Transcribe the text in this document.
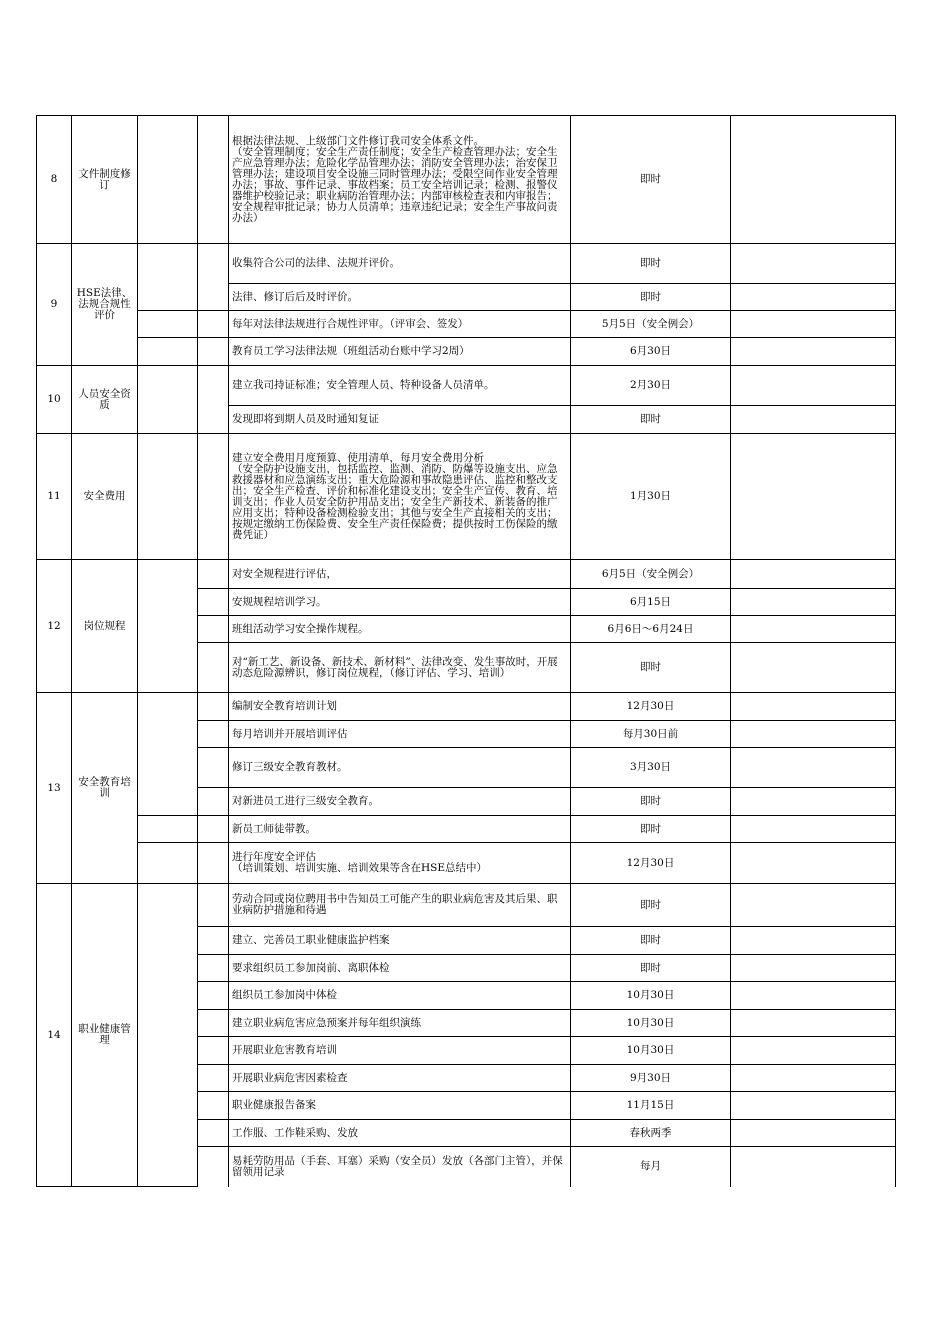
8	文件制度修订			根据法律法规、上级部门文件修订我司安全体系文件。
（安全管理制度；安全生产责任制度；安全生产检查管理办法；安全生产应急管理办法；危险化学品管理办法；消防安全管理办法；治安保卫管理办法；建设项目安全设施三同时管理办法；受限空间作业安全管理办法；事故、事件记录、事故档案；员工安全培训记录；检测、报警仪器维护校验记录；职业病防治管理办法；内部审核检查表和内审报告；安全规程审批记录；协力人员清单；违章违纪记录；安全生产事故问责办法）	即时	
9	HSE法律、法规合规性评价			收集符合公司的法律、法规并评价。	即时	
				法律、修订后后及时评价。	即时	
				每年对法律法规进行合规性评审。（评审会、签发）	5月5日（安全例会）	
				教育员工学习法律法规（班组活动台账中学习2周）	6月30日	
10	人员安全资质			建立我司持证标准；安全管理人员、特种设备人员清单。	2月30日	
				发现即将到期人员及时通知复证	即时	
11	安全费用			建立安全费用月度预算、使用清单，每月安全费用分析
（安全防护设施支出，包括监控、监测、消防、防爆等设施支出、应急救援器材和应急演练支出；重大危险源和事故隐患评估、监控和整改支出；安全生产检查、评价和标准化建设支出；安全生产宣传、教育、培训支出；作业人员安全防护用品支出；安全生产新技术、新装备的推广应用支出；特种设备检测检验支出；其他与安全生产直接相关的支出；按规定缴纳工伤保险费、安全生产责任保险费；提供按时工伤保险的缴费凭证）	1月30日	
12	岗位规程			对安全规程进行评估，	6月5日（安全例会）	
				安规规程培训学习。	6月15日	
				班组活动学习安全操作规程。	6月6日～6月24日	
				对“新工艺、新设备、新技术、新材料”、法律改变、发生事故时，开展动态危险源辨识，修订岗位规程，（修订评估、学习、培训）	即时	
13	安全教育培训			编制安全教育培训计划	12月30日	
				每月培训并开展培训评估	每月30日前	
				修订三级安全教育教材。	3月30日	
				对新进员工进行三级安全教育。	即时	
				新员工师徒带教。	即时	
				进行年度安全评估
（培训策划、培训实施、培训效果等含在HSE总结中）	12月30日	
14	职业健康管理			劳动合同或岗位聘用书中告知员工可能产生的职业病危害及其后果、职业病防护措施和待遇	即时	
				建立、完善员工职业健康监护档案	即时	
				要求组织员工参加岗前、离职体检	即时	
				组织员工参加岗中体检	10月30日	
				建立职业病危害应急预案并每年组织演练	10月30日	
				开展职业危害教育培训	10月30日	
				开展职业病危害因素检查	9月30日	
				职业健康报告备案	11月15日	
				工作服、工作鞋采购、发放	春秋两季	
				易耗劳防用品（手套、耳塞）采购（安全员）发放（各部门主管），并保留领用记录	每月	
